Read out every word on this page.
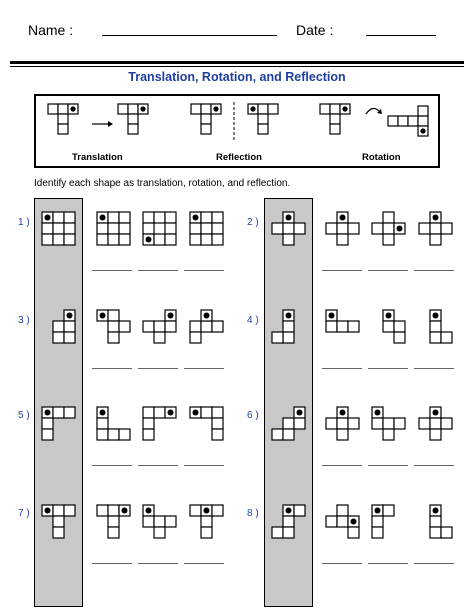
Name :	Date :
Translation, Rotation, and Reflection
Translation	Reflection	Rotation
Identify each shape as translation, rotation, and reflection.
1 )	2 )
3 )	4 )
5 )	6 )
7 )	8 )
